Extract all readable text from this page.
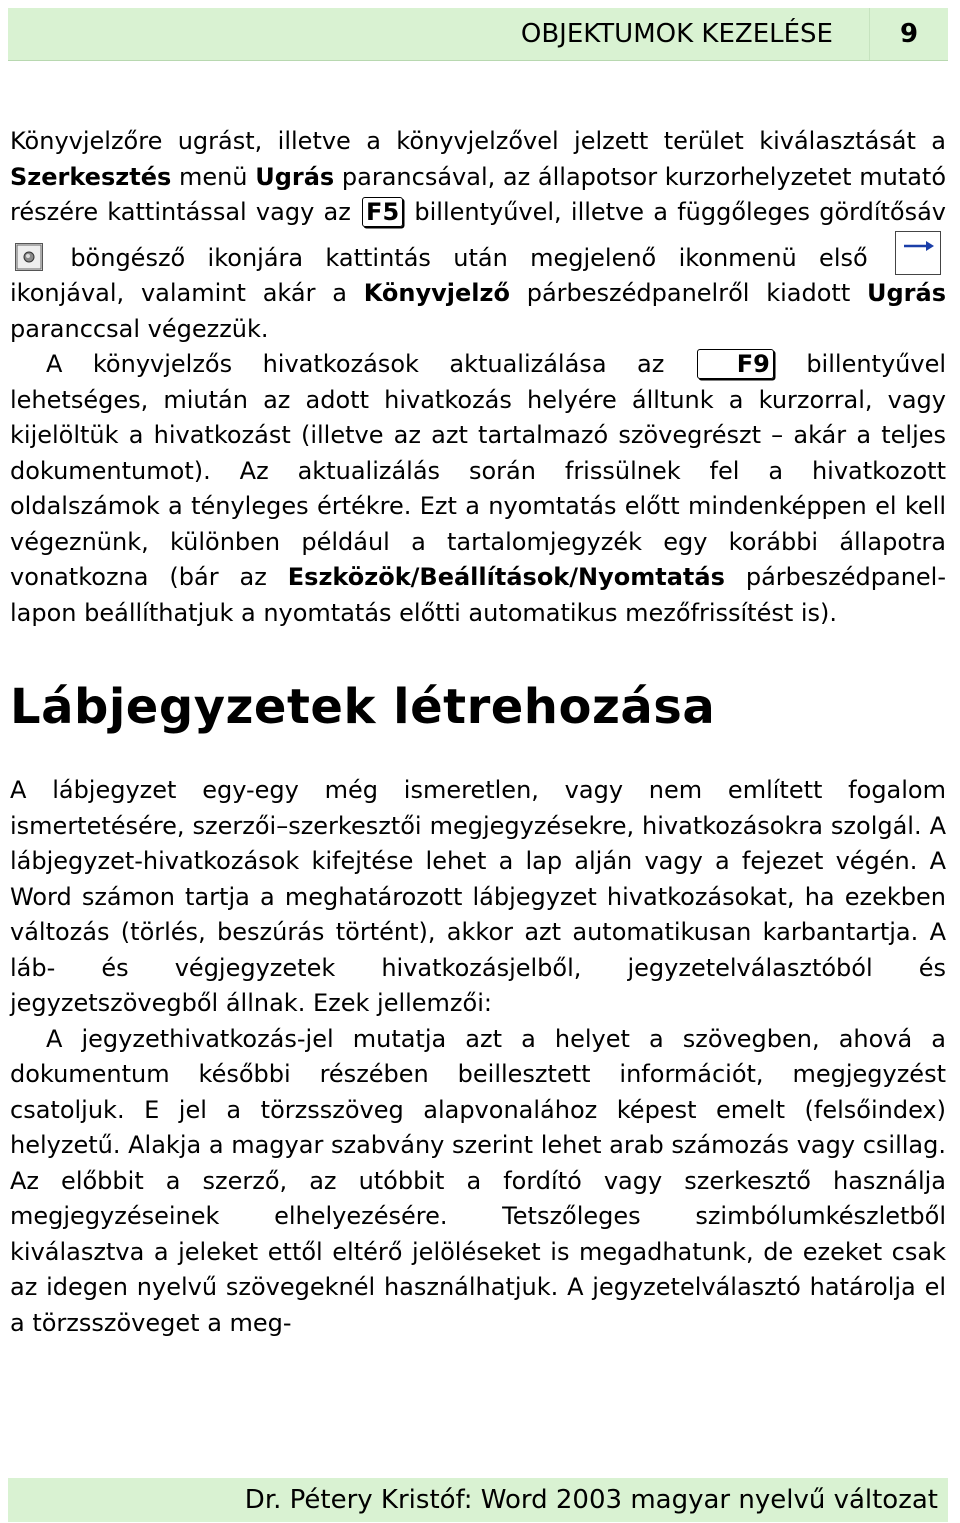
OBJEKTUMOK KEZELÉSE	9

Könyvjelzőre ugrást, illetve a könyvjelzővel jelzett terület kiválasztását a Szerkesztés menü Ugrás parancsával, az állapotsor kurzorhelyzetet mutató részére kattintással vagy az F5 billentyűvel, illetve a függőleges gördítősáv  böngésző ikonjára kattintás után megjelenő ikonmenü első  ikonjával, valamint akár a Könyvjelző párbeszédpanelről kiadott Ugrás paranccsal végezzük.

A könyvjelzős hivatkozások aktualizálása az F9 billentyűvel lehetséges, miután az adott hivatkozás helyére álltunk a kurzorral, vagy kijelöltük a hivatkozást (illetve az azt tartalmazó szövegrészt – akár a teljes dokumentumot). Az aktualizálás során frissülnek fel a hivatkozott oldalszámok a tényleges értékre. Ezt a nyomtatás előtt mindenképpen el kell végeznünk, különben például a tartalomjegyzék egy korábbi állapotra vonatkozna (bár az Eszközök/Beállítások/Nyomtatás párbeszédpanel-lapon beállíthatjuk a nyomtatás előtti automatikus mezőfrissítést is).

Lábjegyzetek létrehozása

A lábjegyzet egy-egy még ismeretlen, vagy nem említett fogalom ismertetésére, szerzői–szerkesztői megjegyzésekre, hivatkozásokra szolgál. A lábjegyzet-hivatkozások kifejtése lehet a lap alján vagy a fejezet végén. A Word számon tartja a meghatározott lábjegyzet hivatkozásokat, ha ezekben változás (törlés, beszúrás történt), akkor azt automatikusan karbantartja. A láb- és végjegyzetek hivatkozásjelből, jegyzetelválasztóból és jegyzetszövegből állnak. Ezek jellemzői:

A jegyzethivatkozás-jel mutatja azt a helyet a szövegben, ahová a dokumentum későbbi részében beillesztett információt, megjegyzést csatoljuk. E jel a törzsszöveg alapvonalához képest emelt (felsőindex) helyzetű. Alakja a magyar szabvány szerint lehet arab számozás vagy csillag. Az előbbit a szerző, az utóbbit a fordító vagy szerkesztő használja megjegyzéseinek elhelyezésére. Tetszőleges szimbólumkészletből kiválasztva a jeleket ettől eltérő jelöléseket is megadhatunk, de ezeket csak az idegen nyelvű szövegeknél használhatjuk. A jegyzetelválasztó határolja el a törzsszöveget a meg-

Dr. Pétery Kristóf: Word 2003 magyar nyelvű változat
